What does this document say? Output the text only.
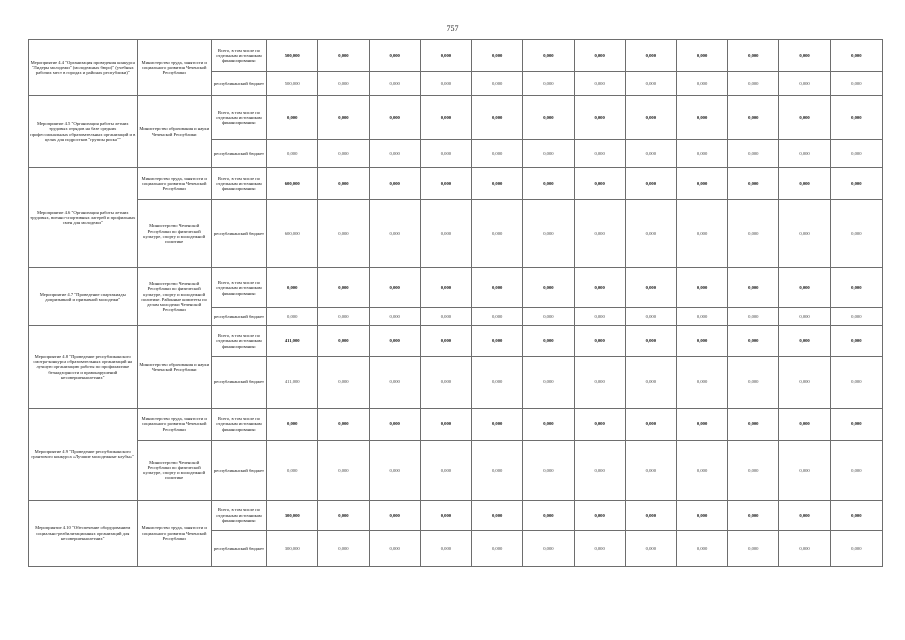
757
Мероприятие 4.4 "Организация проведения конкурса "Лидеры молодежи" (молодежных бюро)" (учебных рабочих мест в городах и районах республики)"	Министерство труда, занятости и социального развития Чеченской Республики	Всего, в том числе по отдельным источникам финансирования:	500,000	0,000	0,000	0,000	0,000	0,000	0,000	0,000	0,000	0,000	0,000	0,000
		республиканский бюджет	500,000	0,000	0,000	0,000	0,000	0,000	0,000	0,000	0,000	0,000	0,000	0,000
Мероприятие 4.5 "Организация работы летних трудовых отрядов на базе средних профессиональных образовательных организаций и в целях для подростков "группы риска""	Министерство образования и науки Чеченской Республики	Всего, в том числе по отдельным источникам финансирования:	0,000	0,000	0,000	0,000	0,000	0,000	0,000	0,000	0,000	0,000	0,000	0,000
		республиканский бюджет	0,000	0,000	0,000	0,000	0,000	0,000	0,000	0,000	0,000	0,000	0,000	0,000
Мероприятие 4.6 "Организация работы летних трудовых, военно-спортивных лагерей и профильных смен для молодежи"	Министерство труда, занятости и социального развития Чеченской Республики	Всего, в том числе по отдельным источникам финансирования:	600,000	0,000	0,000	0,000	0,000	0,000	0,000	0,000	0,000	0,000	0,000	0,000
	Министерство Чеченской Республики по физической культуре, спорту и молодежной политике	республиканский бюджет	600,000	0,000	0,000	0,000	0,000	0,000	0,000	0,000	0,000	0,000	0,000	0,000
Мероприятие 4.7 "Проведение спартакиады допризывной и призывной молодежи"	Министерство Чеченской Республики по физической культуре, спорту и молодежной политике. Районные комитеты по делам молодежи Чеченской Республики	Всего, в том числе по отдельным источникам финансирования:	0,000	0,000	0,000	0,000	0,000	0,000	0,000	0,000	0,000	0,000	0,000	0,000
		республиканский бюджет	0,000	0,000	0,000	0,000	0,000	0,000	0,000	0,000	0,000	0,000	0,000	0,000
Мероприятие 4.8 "Проведение республиканского смотра-конкурса образовательных организаций на лучшую организацию работы по профилактике безнадзорности и правонарушений несовершеннолетних"	Министерство образования и науки Чеченской Республики	Всего, в том числе по отдельным источникам финансирования:	411,000	0,000	0,000	0,000	0,000	0,000	0,000	0,000	0,000	0,000	0,000	0,000
		республиканский бюджет	411,000	0,000	0,000	0,000	0,000	0,000	0,000	0,000	0,000	0,000	0,000	0,000
Мероприятие 4.9 "Проведение республиканского грантового конкурса «Лучшие молодежные клубы»"	Министерство труда, занятости и социального развития Чеченской Республики	Всего, в том числе по отдельным источникам финансирования:	0,000	0,000	0,000	0,000	0,000	0,000	0,000	0,000	0,000	0,000	0,000	0,000
	Министерство Чеченской Республики по физической культуре, спорту и молодежной политике	республиканский бюджет	0,000	0,000	0,000	0,000	0,000	0,000	0,000	0,000	0,000	0,000	0,000	0,000
Мероприятие 4.10 "Обеспечение оборудованием социально-реабилитационных организаций для несовершеннолетних"	Министерство труда, занятости и социального развития Чеченской Республики	Всего, в том числе по отдельным источникам финансирования:	300,000	0,000	0,000	0,000	0,000	0,000	0,000	0,000	0,000	0,000	0,000	0,000
		республиканский бюджет	300,000	0,000	0,000	0,000	0,000	0,000	0,000	0,000	0,000	0,000	0,000	0,000
